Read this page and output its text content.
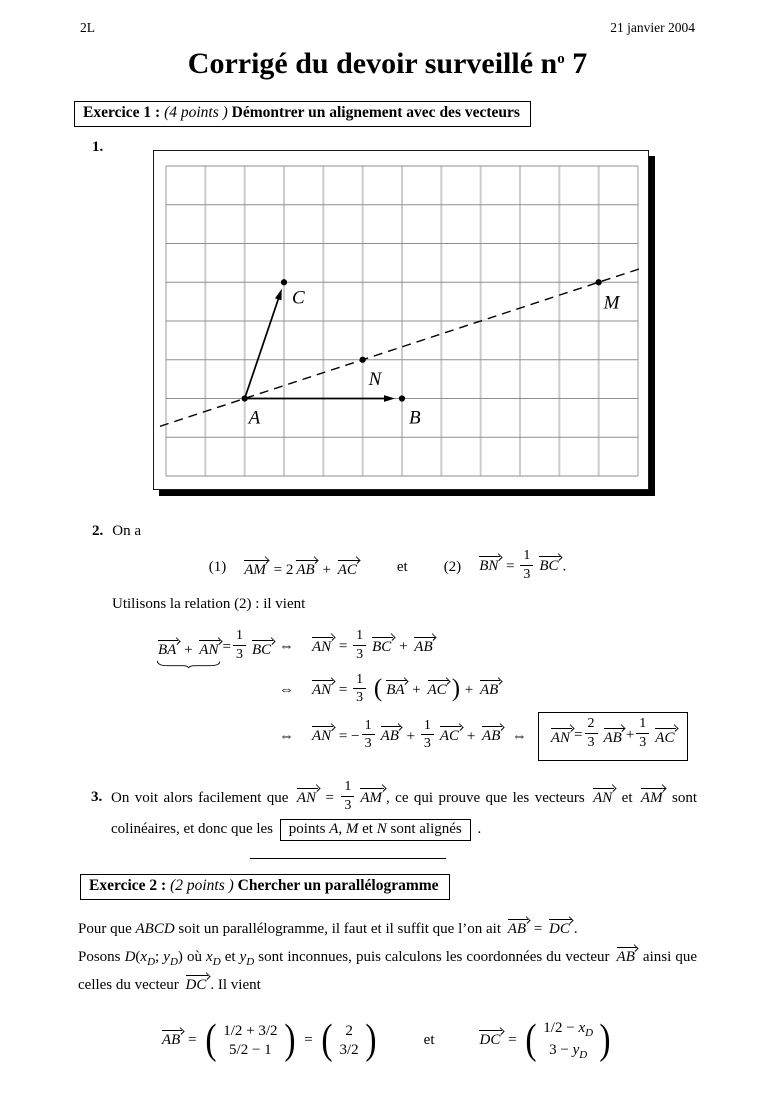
2L	21 janvier 2004
Corrigé du devoir surveillé $n^o$ 7
Exercice 1 : (4 points ) Démontrer un alignement avec des vecteurs
1.
A	B
C
N
M
2. On a
(1) AM = 2 AB +
AC	et (2) BN = $\frac{1}{3}$ BC .
Utilisons la relation (2) : il vient
BA +
AN = $\frac{1}{3}$ BC ⇔ 
AN = $\frac{1}{3}$ BC +
AB
⇔ 
AN = $\frac{1}{3}$ ( BA +
AC ) +
AB
⇔ 
AN = − $\frac{1}{3}$ AB + $\frac{1}{3}$ AC +
AB ⇔ AN = $\frac{2}{3}$ AB + $\frac{1}{3}$ AC
3. On voit alors facilement que
AN = $\frac{1}{3}$ AM , ce qui prouve que les vecteurs
AN et
AM sont colinéaires, et donc que les points A, M et N sont alignés .
Exercice 2 : (2 points ) Chercher un parallélogramme
Pour que ABCD soit un parallélogramme, il faut et il suffit que l’on ait
AB =
DC .
Posons $D(x_D$; $y_D$) où $x_D$ et $y_D$ sont inconnues, puis calculons les coordonnées du vecteur
AB ainsi que celles du vecteur
DC . Il vient
AB = ( 1/2 + 3/2
5/2 − 1 ) = ( 2
3/2 )	et	DC = ( $1/2 - x_D$
$3 - y_D$ )
